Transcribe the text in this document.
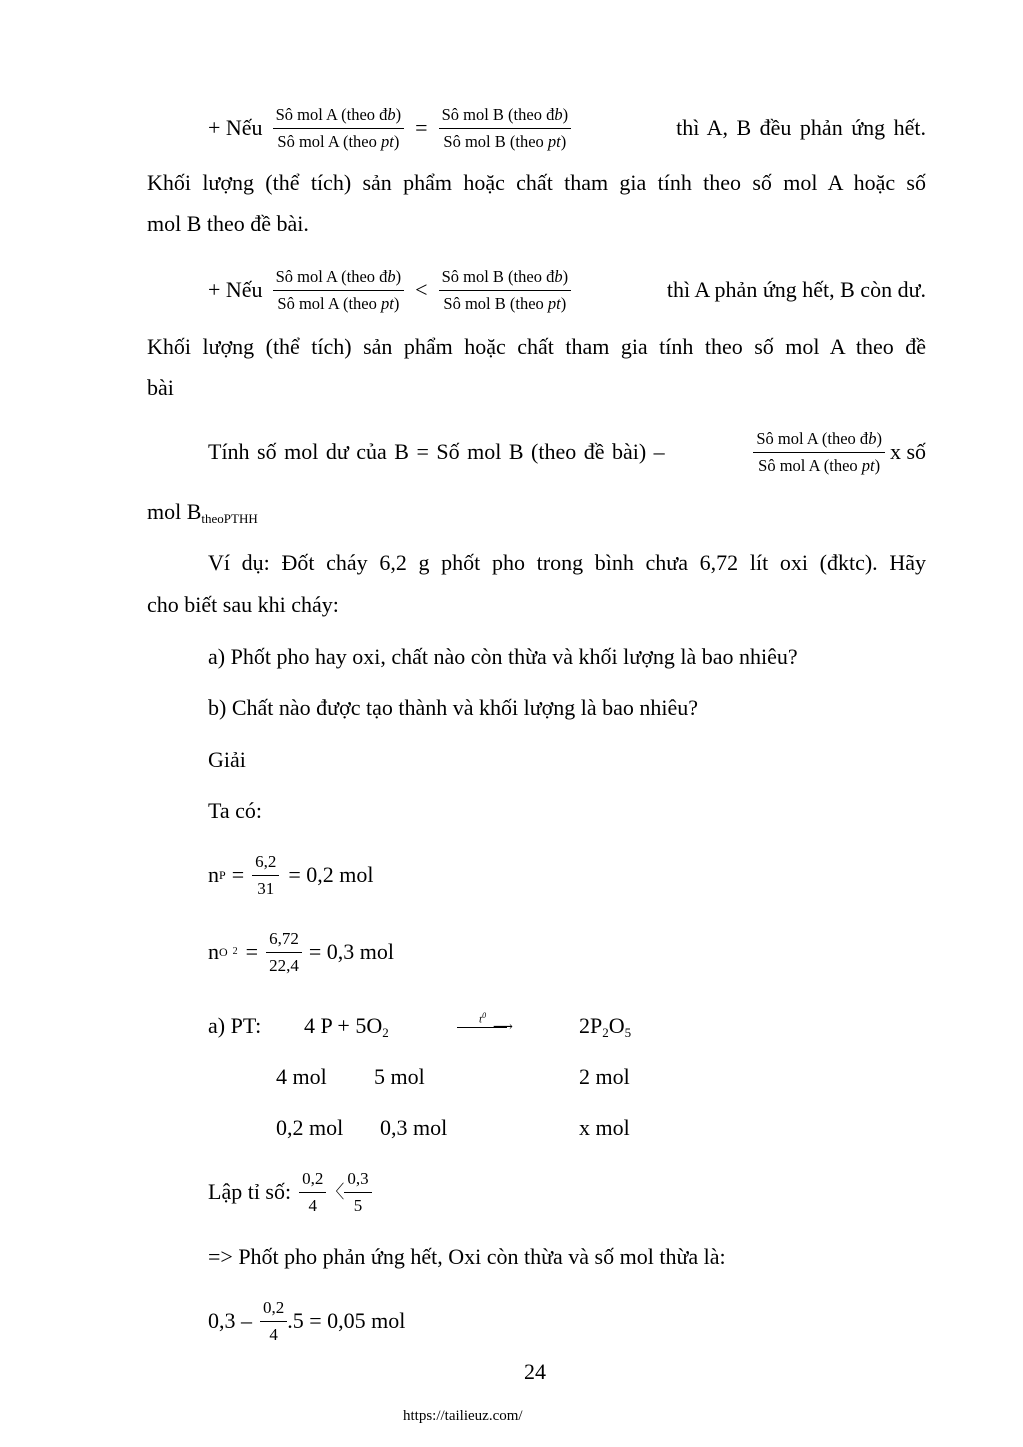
+ Nếu $\frac{\text{Sô mol A (theo đb)}}{\text{Sô mol A (theo pt)}} = \frac{\text{Sô mol B (theo đb)}}{\text{Sô mol B (theo pt)}}$	thì A, B đều phản ứng hết.
Khối lượng (thể tích) sản phẩm hoặc chất tham gia tính theo số mol A hoặc số
mol B theo đề bài.
+ Nếu $\frac{\text{Sô mol A (theo đb)}}{\text{Sô mol A (theo pt)}} < \frac{\text{Sô mol B (theo đb)}}{\text{Sô mol B (theo pt)}}$	thì A phản ứng hết, B còn dư.
Khối lượng (thể tích) sản phẩm hoặc chất tham gia tính theo số mol A theo đề
bài
Tính số mol dư của B = Số mol B (theo đề bài) –	$\frac{\text{Sô mol A (theo đb)}}{\text{Sô mol A (theo pt)}}$ x số
mol $B_{theoPTHH}$
Ví dụ: Đốt cháy 6,2 g phốt pho trong bình chưa 6,72 lít oxi (đktc). Hãy
cho biết sau khi cháy:
a) Phốt pho hay oxi, chất nào còn thừa và khối lượng là bao nhiêu?
b) Chất nào được tạo thành và khối lượng là bao nhiêu?
Giải
Ta có:
n $P = \frac{6,2}{31} = 0,2$ mol
n O $2 = \frac{6,72}{22,4} = 0,3$ mol
a) PT: 4 $P + 5O_2$
$t^0$
⟶	$2P_2O_5$
4 mol 5 mol	2 mol
0,2 mol 0,3 mol	x mol
Lập tỉ số: $\frac{0,2}{4}$ 〈 $\frac{0,3}{5}$
=> Phốt pho phản ứng hết, Oxi còn thừa và số mol thừa là:
$0,3 - \frac{0,2}{4} .5 = 0,05$ mol
24
https://tailieuz.com/
